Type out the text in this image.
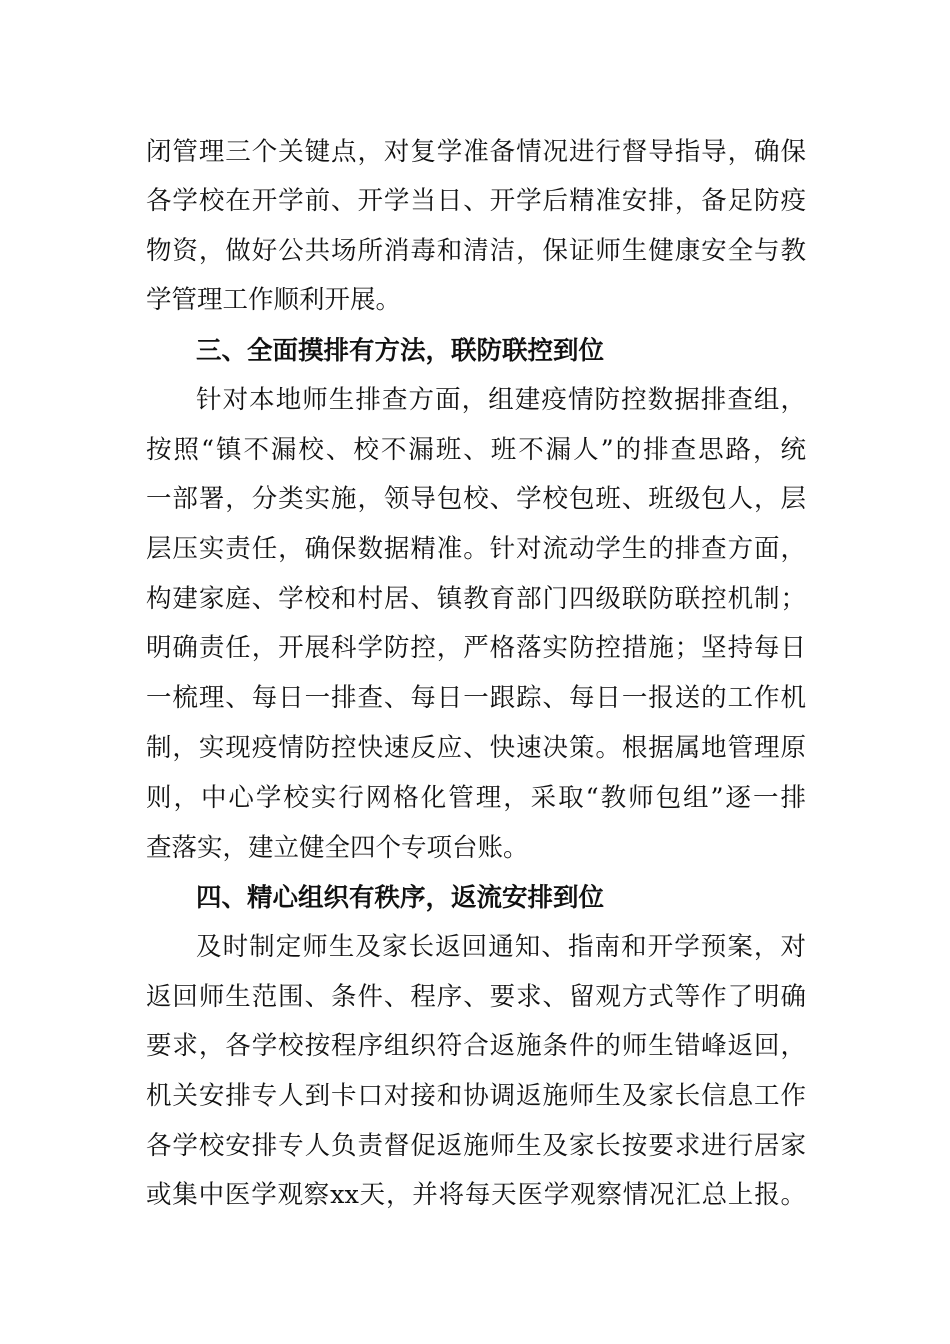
闭管理三个关键点，对复学准备情况进行督导指导，确保
各学校在开学前、开学当日、开学后精准安排，备足防疫
物资，做好公共场所消毒和清洁，保证师生健康安全与教
学管理工作顺利开展。
三、全面摸排有方法，联防联控到位
针对本地师生排查方面，组建疫情防控数据排查组，
按照“镇不漏校、校不漏班、班不漏人”的排查思路，统
一部署，分类实施，领导包校、学校包班、班级包人，层
层压实责任，确保数据精准。针对流动学生的排查方面，
构建家庭、学校和村居、镇教育部门四级联防联控机制；
明确责任，开展科学防控，严格落实防控措施；坚持每日
一梳理、每日一排查、每日一跟踪、每日一报送的工作机
制，实现疫情防控快速反应、快速决策。根据属地管理原
则，中心学校实行网格化管理，采取“教师包组”逐一排
查落实，建立健全四个专项台账。
四、精心组织有秩序，返流安排到位
及时制定师生及家长返回通知、指南和开学预案，对
返回师生范围、条件、程序、要求、留观方式等作了明确
要求，各学校按程序组织符合返施条件的师生错峰返回，
机关安排专人到卡口对接和协调返施师生及家长信息工作
各学校安排专人负责督促返施师生及家长按要求进行居家
或集中医学观察xx天，并将每天医学观察情况汇总上报。
